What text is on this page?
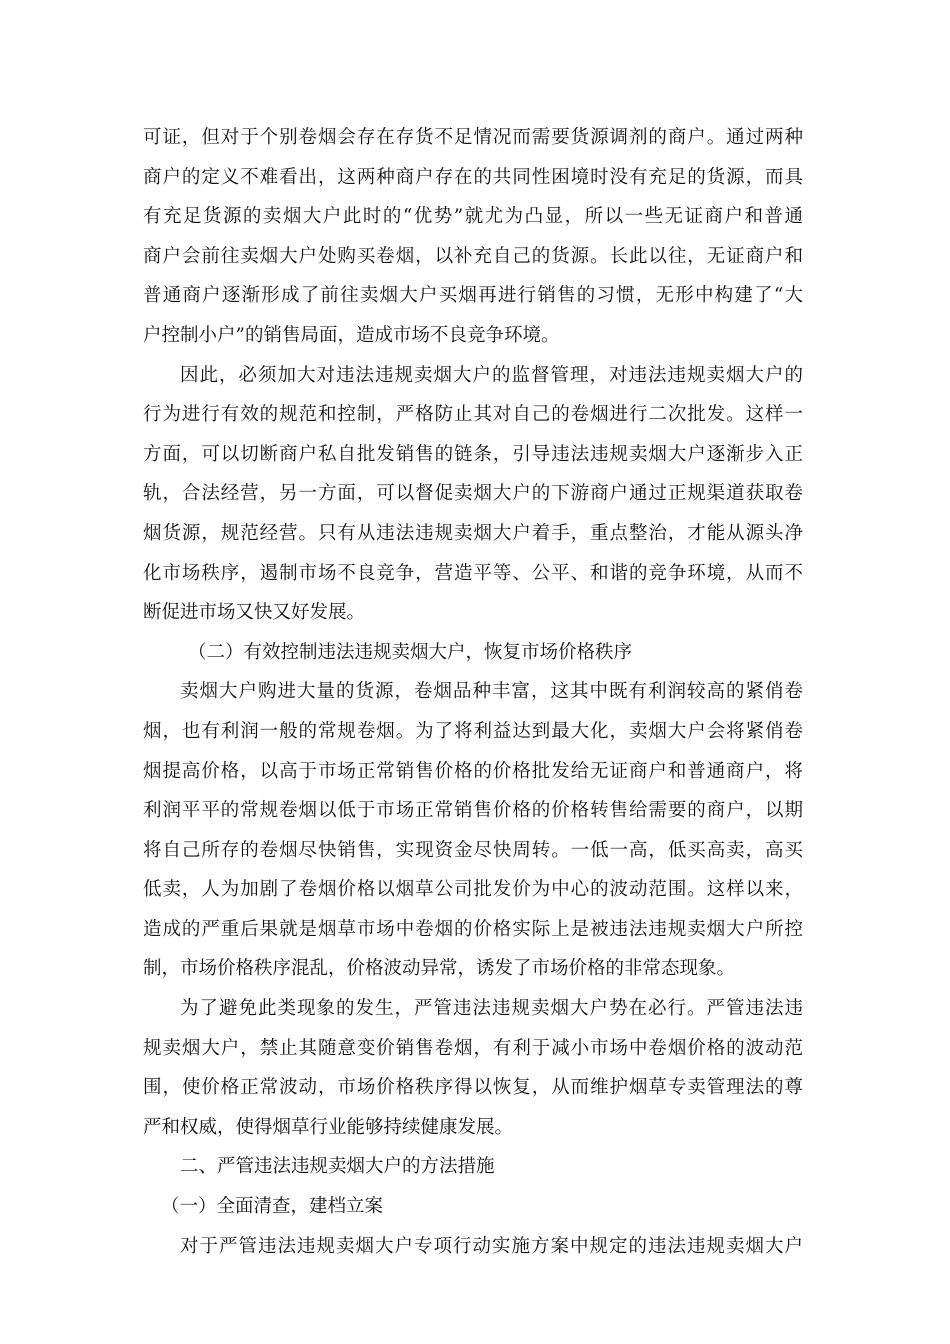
可证，但对于个别卷烟会存在存货不足情况而需要货源调剂的商户。通过两种
商户的定义不难看出，这两种商户存在的共同性困境时没有充足的货源，而具
有充足货源的卖烟大户此时的“优势”就尤为凸显，所以一些无证商户和普通
商户会前往卖烟大户处购买卷烟，以补充自己的货源。长此以往，无证商户和
普通商户逐渐形成了前往卖烟大户买烟再进行销售的习惯，无形中构建了“大
户控制小户”的销售局面，造成市场不良竞争环境。
因此，必须加大对违法违规卖烟大户的监督管理，对违法违规卖烟大户的
行为进行有效的规范和控制，严格防止其对自己的卷烟进行二次批发。这样一
方面，可以切断商户私自批发销售的链条，引导违法违规卖烟大户逐渐步入正
轨，合法经营，另一方面，可以督促卖烟大户的下游商户通过正规渠道获取卷
烟货源，规范经营。只有从违法违规卖烟大户着手，重点整治，才能从源头净
化市场秩序，遏制市场不良竞争，营造平等、公平、和谐的竞争环境，从而不
断促进市场又快又好发展。
（二）有效控制违法违规卖烟大户，恢复市场价格秩序
卖烟大户购进大量的货源，卷烟品种丰富，这其中既有利润较高的紧俏卷
烟，也有利润一般的常规卷烟。为了将利益达到最大化，卖烟大户会将紧俏卷
烟提高价格，以高于市场正常销售价格的价格批发给无证商户和普通商户，将
利润平平的常规卷烟以低于市场正常销售价格的价格转售给需要的商户，以期
将自己所存的卷烟尽快销售，实现资金尽快周转。一低一高，低买高卖，高买
低卖，人为加剧了卷烟价格以烟草公司批发价为中心的波动范围。这样以来，
造成的严重后果就是烟草市场中卷烟的价格实际上是被违法违规卖烟大户所控
制，市场价格秩序混乱，价格波动异常，诱发了市场价格的非常态现象。
为了避免此类现象的发生，严管违法违规卖烟大户势在必行。严管违法违
规卖烟大户，禁止其随意变价销售卷烟，有利于减小市场中卷烟价格的波动范
围，使价格正常波动，市场价格秩序得以恢复，从而维护烟草专卖管理法的尊
严和权威，使得烟草行业能够持续健康发展。
二、严管违法违规卖烟大户的方法措施
（一）全面清查，建档立案
对于严管违法违规卖烟大户专项行动实施方案中规定的违法违规卖烟大户
